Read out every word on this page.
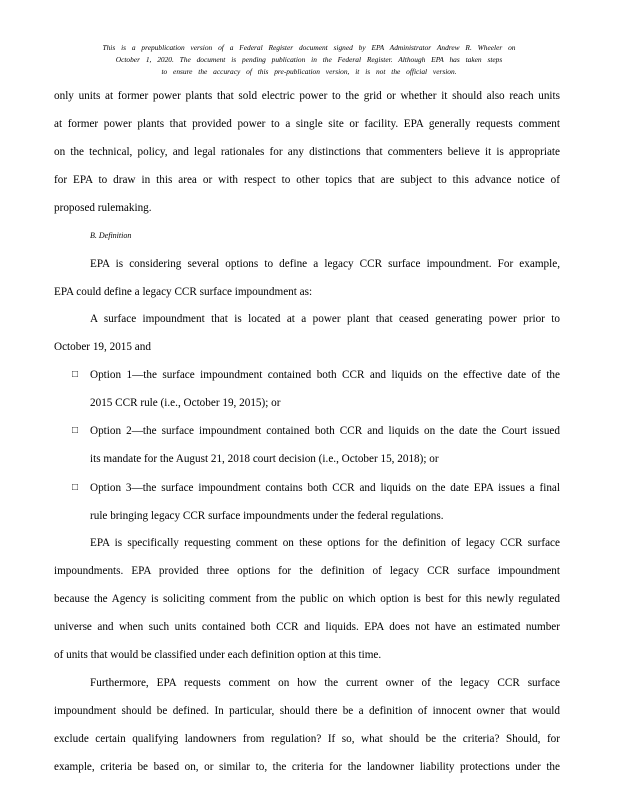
This is a prepublication version of a Federal Register document signed by EPA Administrator Andrew R. Wheeler on
October 1, 2020. The document is pending publication in the Federal Register. Although EPA has taken steps
to ensure the accuracy of this pre-publication version, it is not the official version.
only units at former power plants that sold electric power to the grid or whether it should also reach units
at former power plants that provided power to a single site or facility. EPA generally requests comment
on the technical, policy, and legal rationales for any distinctions that commenters believe it is appropriate
for EPA to draw in this area or with respect to other topics that are subject to this advance notice of
proposed rulemaking.
B. Definition
EPA is considering several options to define a legacy CCR surface impoundment. For example,
EPA could define a legacy CCR surface impoundment as:
A surface impoundment that is located at a power plant that ceased generating power prior to
October 19, 2015 and
□ Option 1—the surface impoundment contained both CCR and liquids on the effective date of the
2015 CCR rule (i.e., October 19, 2015); or
□ Option 2—the surface impoundment contained both CCR and liquids on the date the Court issued
its mandate for the August 21, 2018 court decision (i.e., October 15, 2018); or
□ Option 3—the surface impoundment contains both CCR and liquids on the date EPA issues a final
rule bringing legacy CCR surface impoundments under the federal regulations.
EPA is specifically requesting comment on these options for the definition of legacy CCR surface
impoundments. EPA provided three options for the definition of legacy CCR surface impoundment
because the Agency is soliciting comment from the public on which option is best for this newly regulated
universe and when such units contained both CCR and liquids. EPA does not have an estimated number
of units that would be classified under each definition option at this time.
Furthermore, EPA requests comment on how the current owner of the legacy CCR surface
impoundment should be defined. In particular, should there be a definition of innocent owner that would
exclude certain qualifying landowners from regulation? If so, what should be the criteria? Should, for
example, criteria be based on, or similar to, the criteria for the landowner liability protections under the
